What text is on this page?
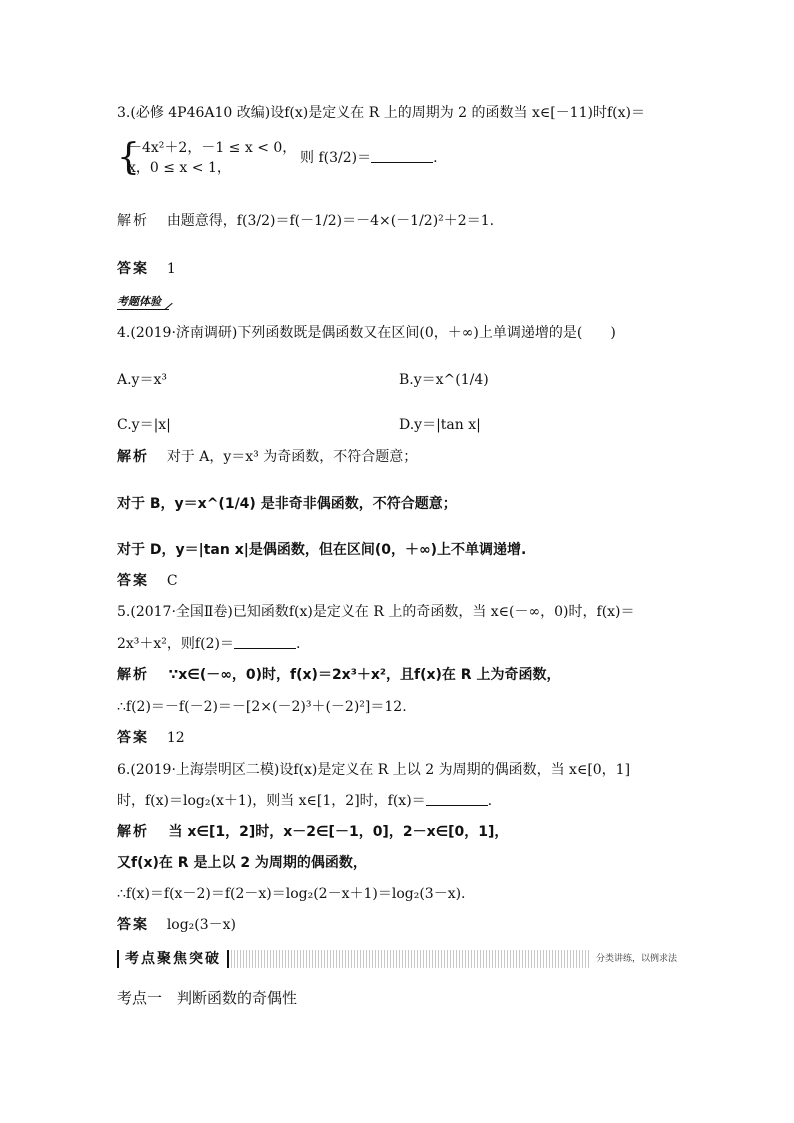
3.(必修 4P46A10 改编)设f(x)是定义在 R 上的周期为 2 的函数当 x∈[－11)时f(x)＝
{
－4x²＋2，－1 ≤ x < 0，
x，0 ≤ x < 1，
则 f(3/2)＝	.
解析 由题意得，f(3/2)＝f(－1/2)＝－4×(－1/2)²＋2＝1.
答案 1
考题体验
4.(2019·济南调研)下列函数既是偶函数又在区间(0，＋∞)上单调递增的是(　　)
A.y＝x³	B.y＝x^(1/4)
C.y＝|x|	D.y＝|tan x|
解析 对于 A，y＝x³ 为奇函数，不符合题意；
对于 B，y＝x^(1/4) 是非奇非偶函数，不符合题意；
对于 D，y＝|tan x|是偶函数，但在区间(0，＋∞)上不单调递增.
答案 C
5.(2017·全国Ⅱ卷)已知函数f(x)是定义在 R 上的奇函数，当 x∈(－∞，0)时，f(x)＝
2x³＋x²，则f(2)＝	.
解析 ∵x∈(－∞，0)时，f(x)＝2x³＋x²，且f(x)在 R 上为奇函数，
∴f(2)＝－f(－2)＝－[2×(－2)³＋(－2)²]＝12.
答案 12
6.(2019·上海崇明区二模)设f(x)是定义在 R 上以 2 为周期的偶函数，当 x∈[0，1]
时，f(x)＝log₂(x＋1)，则当 x∈[1，2]时，f(x)＝	.
解析 当 x∈[1，2]时，x－2∈[－1，0]，2－x∈[0，1]，
又f(x)在 R 是上以 2 为周期的偶函数，
∴f(x)＝f(x－2)＝f(2－x)＝log₂(2－x＋1)＝log₂(3－x).
答案 log₂(3－x)
考点聚焦突破	分类讲练，以例求法
考点一　判断函数的奇偶性
